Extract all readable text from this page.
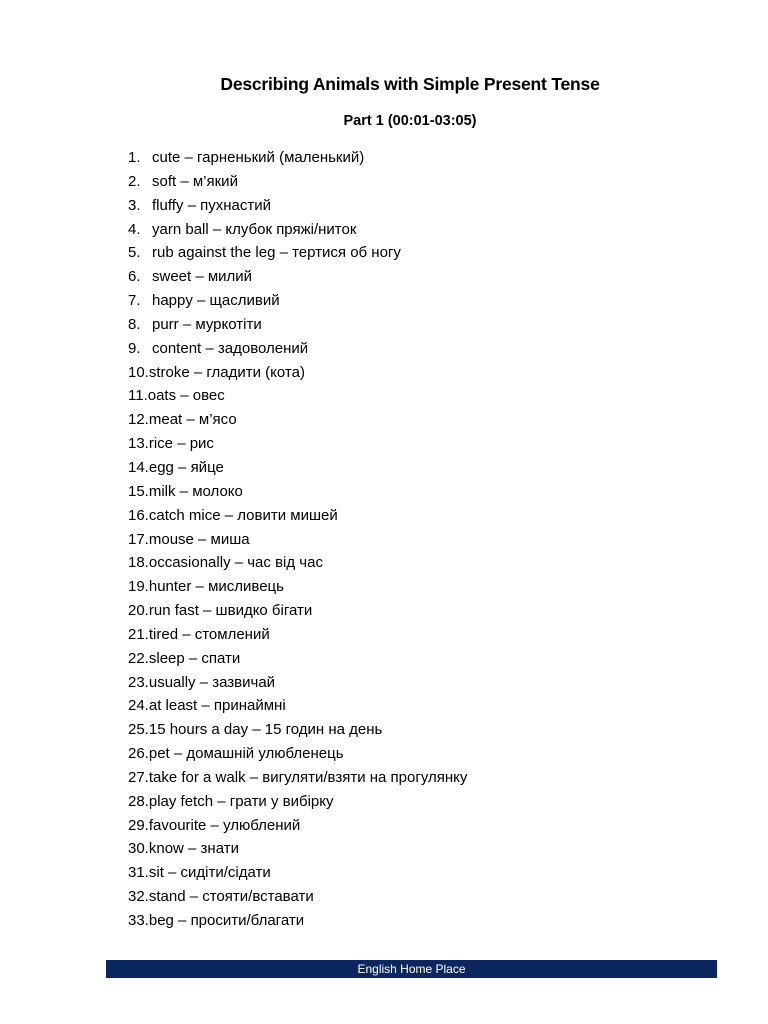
Describing Animals with Simple Present Tense
Part 1 (00:01-03:05)
1. cute – гарненький (маленький)
2. soft – м’який
3. fluffy – пухнастий
4. yarn ball – клубок пряжі/ниток
5. rub against the leg – тертися об ногу
6. sweet – милий
7. happy – щасливий
8. purr – муркотіти
9. content – задоволений
10.stroke – гладити (кота)
11.oats – овес
12.meat – м’ясо
13.rice – рис
14.egg – яйце
15.milk – молоко
16.catch mice – ловити мишей
17.mouse – миша
18.occasionally – час від час
19.hunter – мисливець
20.run fast – швидко бігати
21.tired – стомлений
22.sleep – спати
23.usually – зазвичай
24.at least – принаймні
25.15 hours a day – 15 годин на день
26.pet – домашній улюбленець
27.take for a walk – вигуляти/взяти на прогулянку
28.play fetch – грати у вибірку
29.favourite – улюблений
30.know – знати
31.sit – сидіти/сідати
32.stand – стояти/вставати
33.beg – просити/благати
English Home Place
